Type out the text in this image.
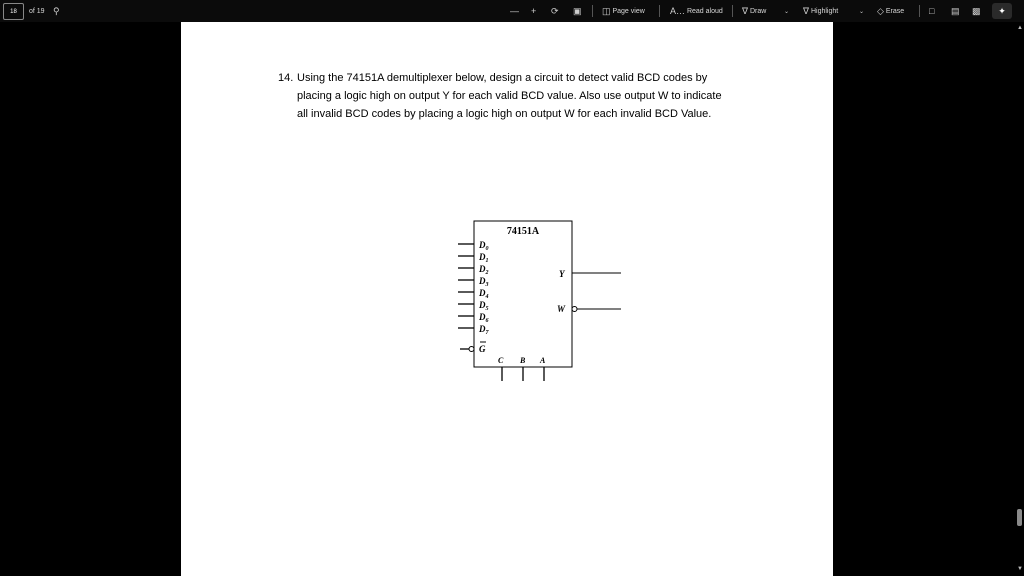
18 of 19 ⚲	— + ⟳ ▣ ◫
Page view	A…
Read aloud ∇
Draw	⌄ ∇
Highlight	⌄ ◇
Erase	□ ▤ ▩	✦
14. Using the 74151A demultiplexer below, design a circuit to detect valid BCD codes by
placing a logic high on output Y for each valid BCD value. Also use output W to indicate
all invalid BCD codes by placing a logic high on output W for each invalid BCD Value.
74151A
$D_0$
$D_1$
$D_2$
$D_3$
$D_4$
$D_5$
$D_6$
$D_7$
G
C B A
Y
W
▲
▼
